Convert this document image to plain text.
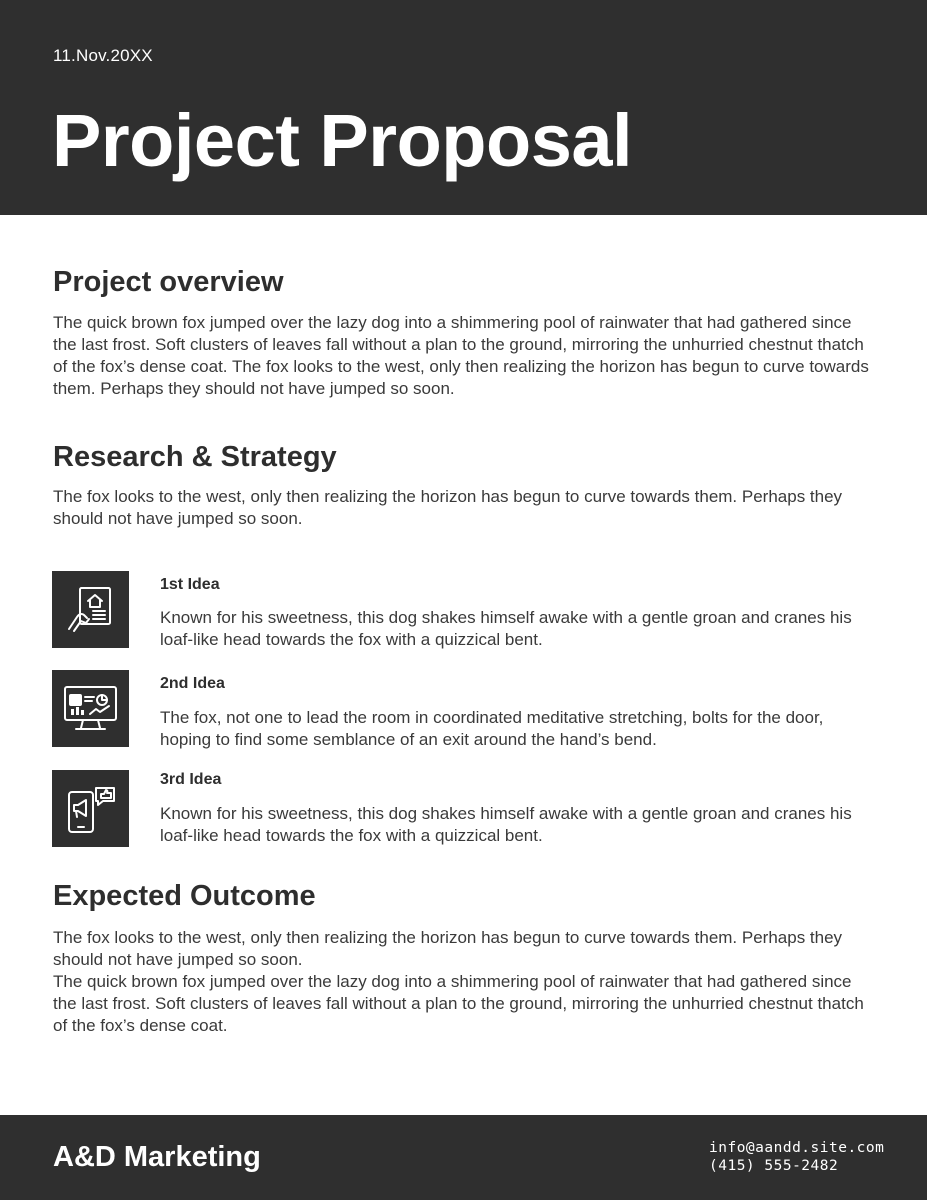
11.Nov.20XX
Project Proposal
Project overview

The quick brown fox jumped over the lazy dog into a shimmering pool of rainwater that had gathered since the last frost. Soft clusters of leaves fall without a plan to the ground, mirroring the unhurried chestnut thatch of the fox’s dense coat. The fox looks to the west, only then realizing the horizon has begun to curve towards them. Perhaps they should not have jumped so soon.

Research & Strategy

The fox looks to the west, only then realizing the horizon has begun to curve towards them. Perhaps they should not have jumped so soon.

1st Idea
Known for his sweetness, this dog shakes himself awake with a gentle groan and cranes his loaf-like head towards the fox with a quizzical bent.
2nd Idea
The fox, not one to lead the room in coordinated meditative stretching, bolts for the door, hoping to find some semblance of an exit around the hand’s bend.
3rd Idea
Known for his sweetness, this dog shakes himself awake with a gentle groan and cranes his loaf-like head towards the fox with a quizzical bent.
Expected Outcome

The fox looks to the west, only then realizing the horizon has begun to curve towards them. Perhaps they should not have jumped so soon.

The quick brown fox jumped over the lazy dog into a shimmering pool of rainwater that had gathered since the last frost. Soft clusters of leaves fall without a plan to the ground, mirroring the unhurried chestnut thatch of the fox’s dense coat.

A&D Marketing	info@aandd.site.com
(415) 555-2482
